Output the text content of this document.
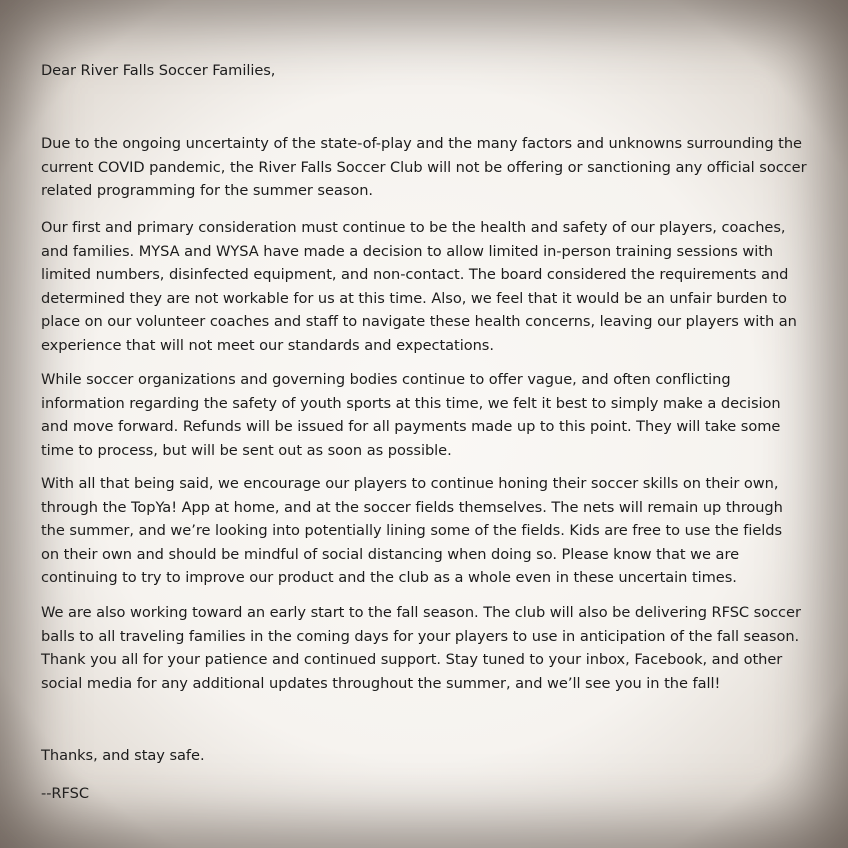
Dear River Falls Soccer Families,
Due to the ongoing uncertainty of the state-of-play and the many factors and unknowns surrounding the
current COVID pandemic, the River Falls Soccer Club will not be offering or sanctioning any official soccer
related programming for the summer season.
Our first and primary consideration must continue to be the health and safety of our players, coaches,
and families. MYSA and WYSA have made a decision to allow limited in-person training sessions with
limited numbers, disinfected equipment, and non-contact. The board considered the requirements and
determined they are not workable for us at this time. Also, we feel that it would be an unfair burden to
place on our volunteer coaches and staff to navigate these health concerns, leaving our players with an
experience that will not meet our standards and expectations.
While soccer organizations and governing bodies continue to offer vague, and often conflicting
information regarding the safety of youth sports at this time, we felt it best to simply make a decision
and move forward. Refunds will be issued for all payments made up to this point. They will take some
time to process, but will be sent out as soon as possible.
With all that being said, we encourage our players to continue honing their soccer skills on their own,
through the TopYa! App at home, and at the soccer fields themselves. The nets will remain up through
the summer, and we’re looking into potentially lining some of the fields. Kids are free to use the fields
on their own and should be mindful of social distancing when doing so. Please know that we are
continuing to try to improve our product and the club as a whole even in these uncertain times.
We are also working toward an early start to the fall season. The club will also be delivering RFSC soccer
balls to all traveling families in the coming days for your players to use in anticipation of the fall season.
Thank you all for your patience and continued support. Stay tuned to your inbox, Facebook, and other
social media for any additional updates throughout the summer, and we’ll see you in the fall!
Thanks, and stay safe.
--RFSC
